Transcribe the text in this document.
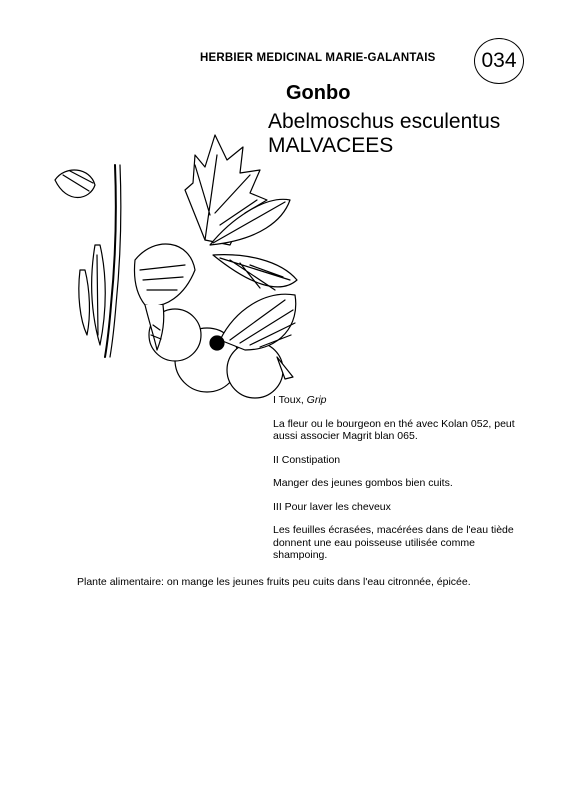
HERBIER MEDICINAL MARIE-GALANTAIS	034
Gonbo
Abelmoschus esculentus
MALVACEES

I Toux, Grip

La fleur ou le bourgeon en thé avec Kolan 052, peut aussi associer Magrit blan 065.

II Constipation

Manger des jeunes gombos bien cuits.

III Pour laver les cheveux

Les feuilles écrasées, macérées dans de l'eau tiède donnent une eau poisseuse utilisée comme shampoing.

Plante alimentaire: on mange les jeunes fruits peu cuits dans l'eau citronnée, épicée.
